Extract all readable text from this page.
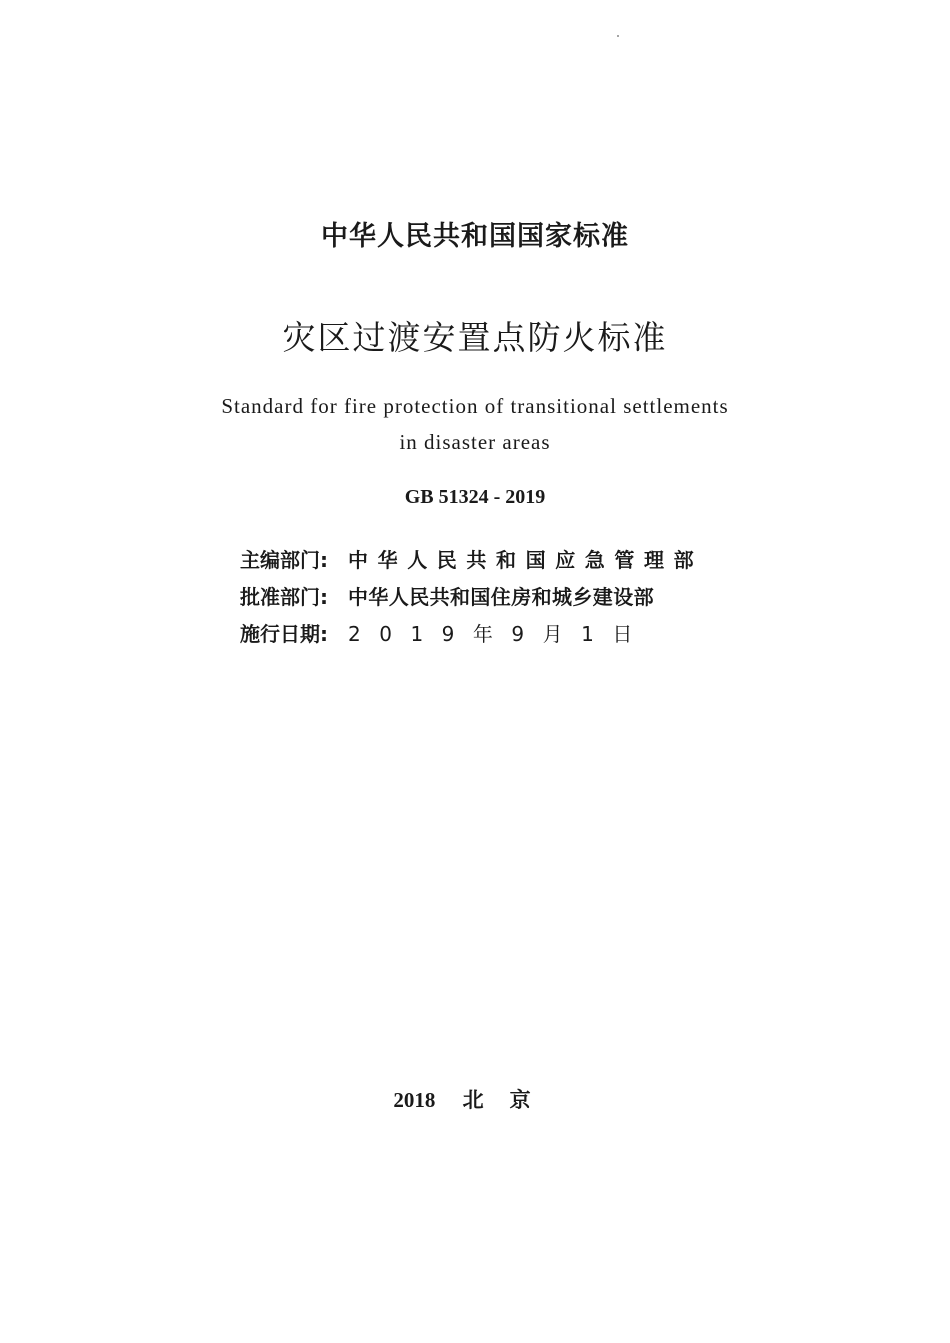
中华人民共和国国家标准
灾区过渡安置点防火标准
Standard for fire protection of transitional settlements
in disaster areas
GB 51324 - 2019
主编部门:	中华人民共和国应急管理部
批准部门:	中华人民共和国住房和城乡建设部
施行日期:	2019年9月1日
2018 北京
